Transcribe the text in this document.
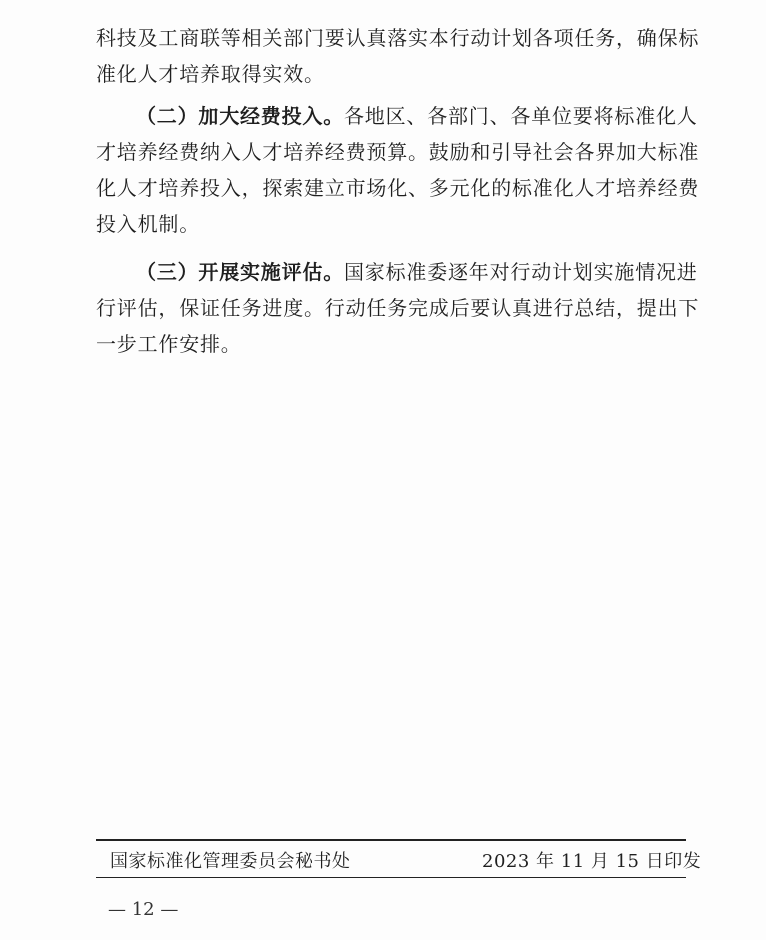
科技及工商联等相关部门要认真落实本行动计划各项任务，确保标
准化人才培养取得实效。
（二）加大经费投入。各地区、各部门、各单位要将标准化人
才培养经费纳入人才培养经费预算。鼓励和引导社会各界加大标准
化人才培养投入，探索建立市场化、多元化的标准化人才培养经费
投入机制。
（三）开展实施评估。国家标准委逐年对行动计划实施情况进
行评估，保证任务进度。行动任务完成后要认真进行总结，提出下
一步工作安排。
国家标准化管理委员会秘书处	2023 年 11 月 15 日印发
— 12 —
